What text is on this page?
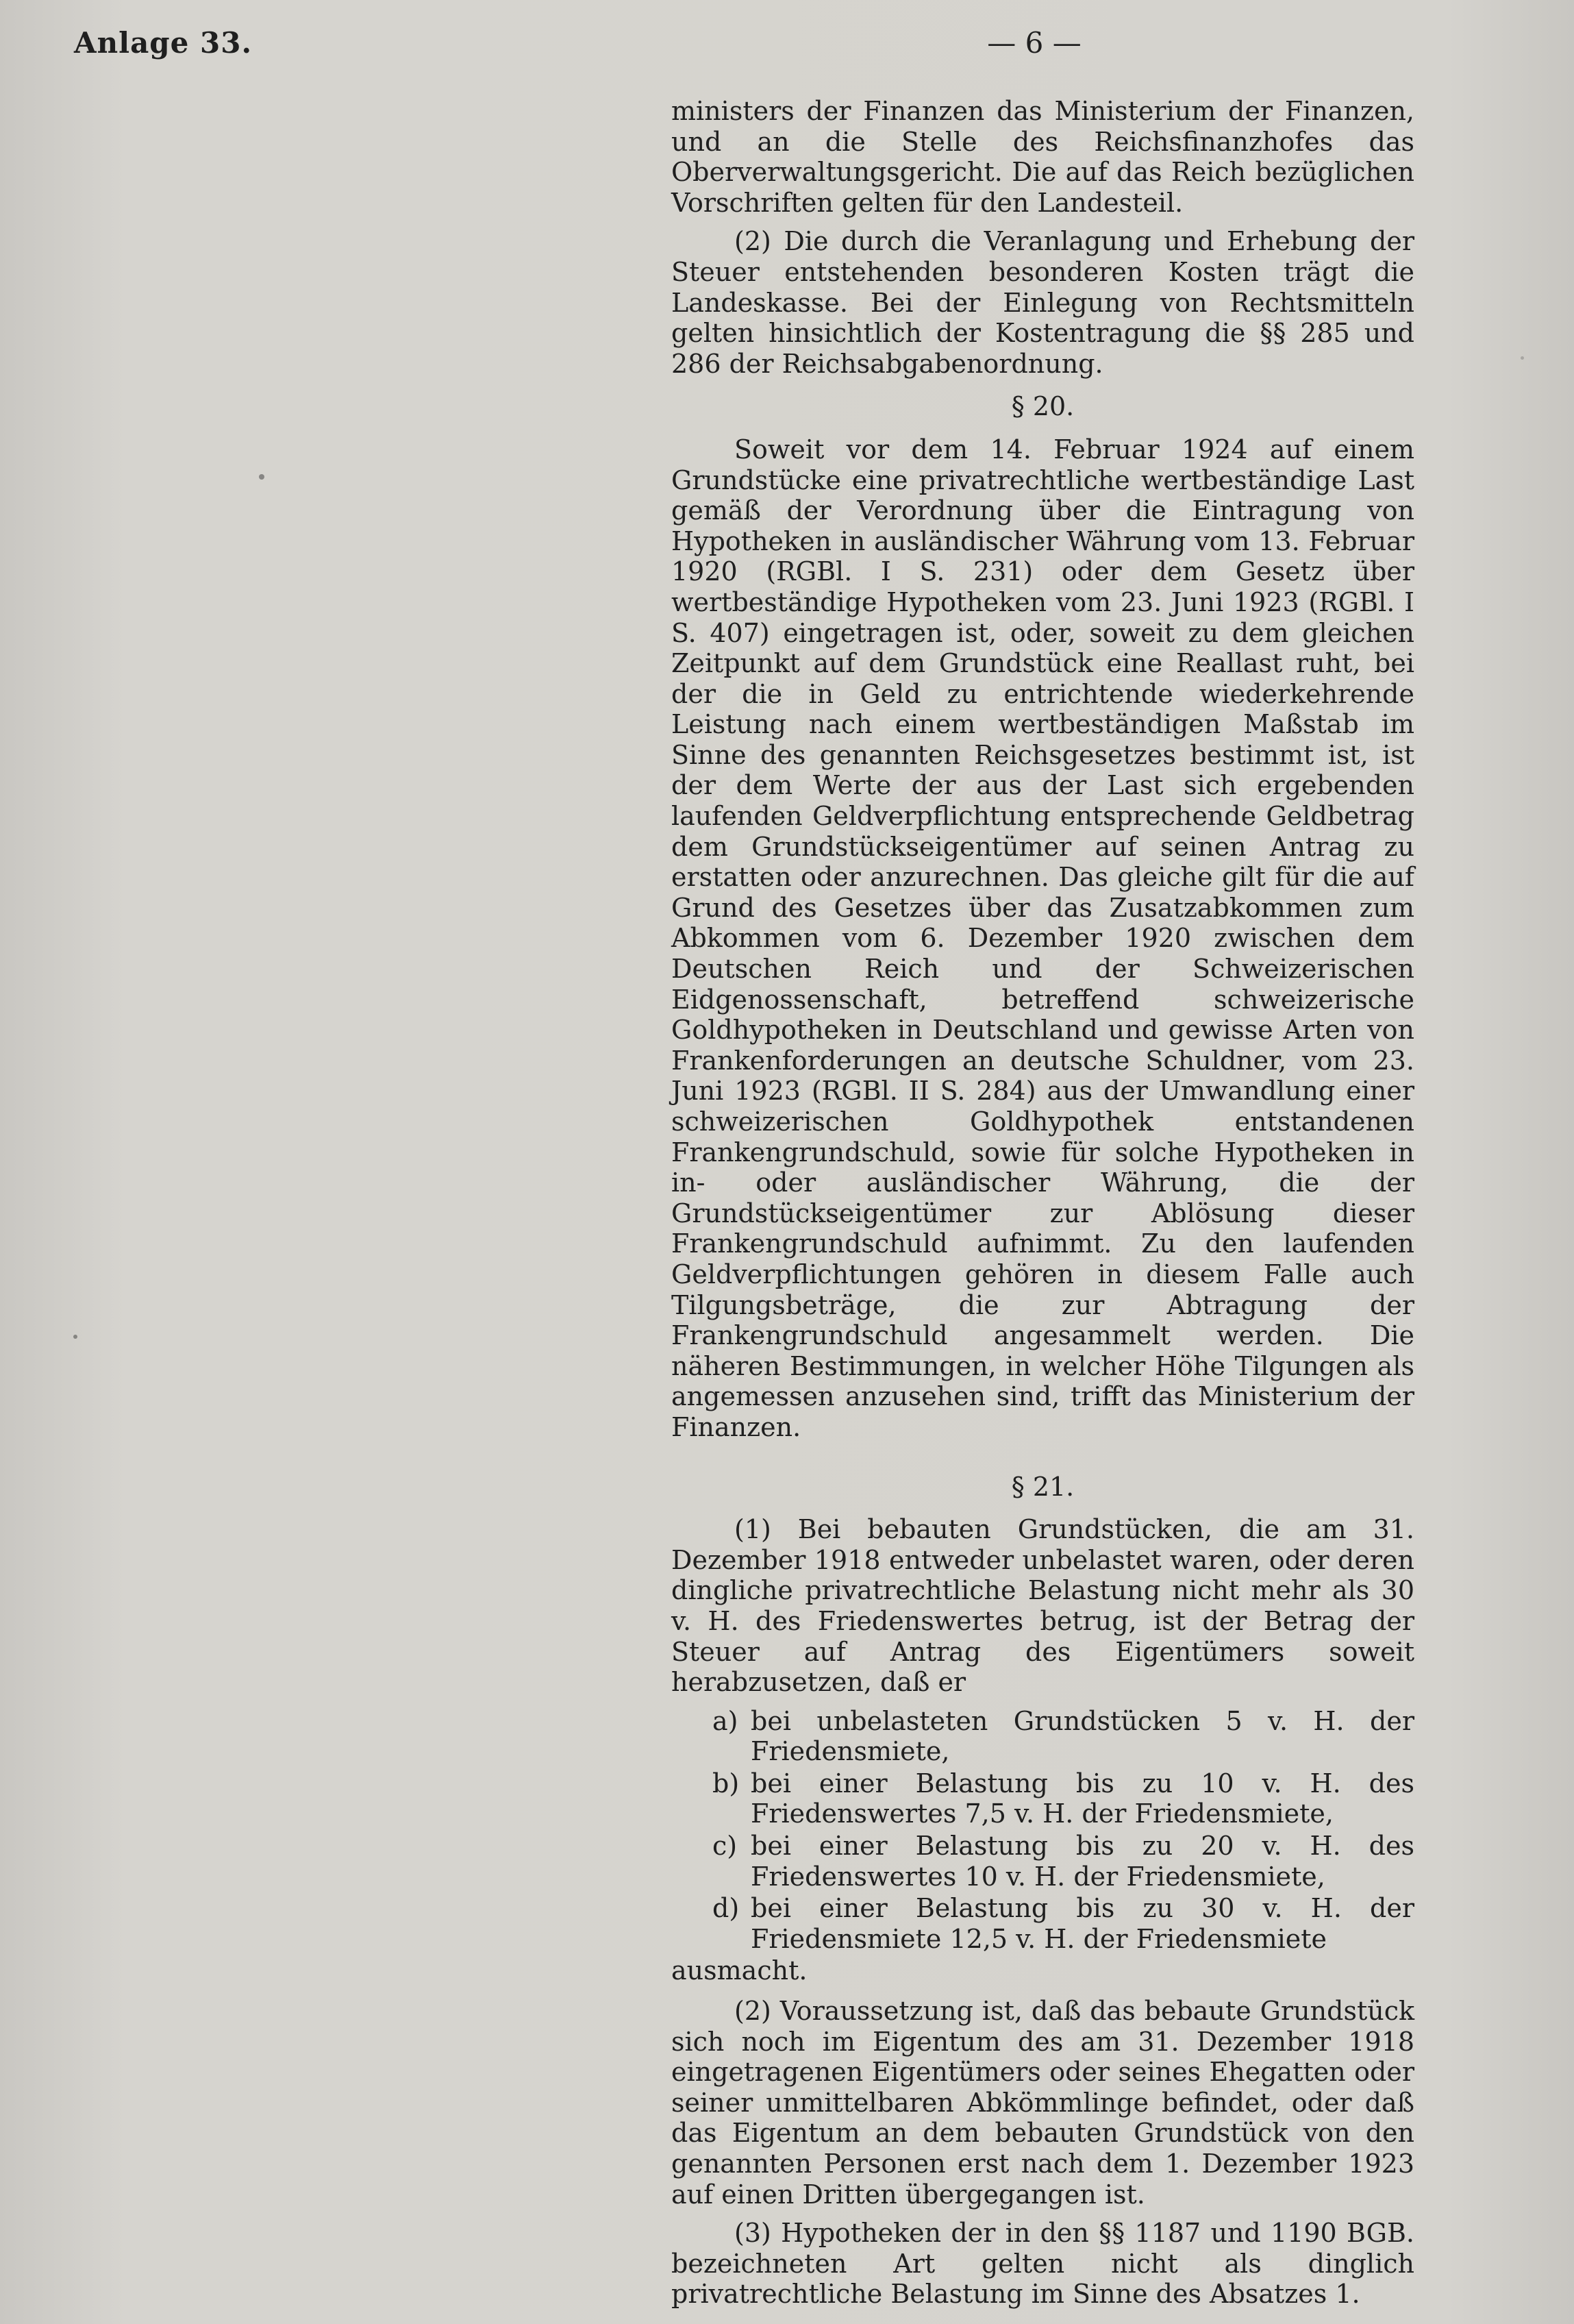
Anlage 33.	— 6 —

ministers der Finanzen das Ministerium der Finanzen, und an die Stelle des Reichsfinanzhofes das Oberverwaltungsgericht. Die auf das Reich bezüglichen Vorschriften gelten für den Landesteil.

(2) Die durch die Veranlagung und Erhebung der Steuer entstehenden besonderen Kosten trägt die Landeskasse. Bei der Einlegung von Rechtsmitteln gelten hinsichtlich der Kostentragung die §§ 285 und 286 der Reichsabgabenordnung.

§ 20.

Soweit vor dem 14. Februar 1924 auf einem Grundstücke eine privatrechtliche wertbeständige Last gemäß der Verordnung über die Eintragung von Hypotheken in ausländischer Währung vom 13. Februar 1920 (RGBl. I S. 231) oder dem Gesetz über wertbeständige Hypotheken vom 23. Juni 1923 (RGBl. I S. 407) eingetragen ist, oder, soweit zu dem gleichen Zeitpunkt auf dem Grundstück eine Reallast ruht, bei der die in Geld zu entrichtende wiederkehrende Leistung nach einem wertbeständigen Maßstab im Sinne des genannten Reichsgesetzes bestimmt ist, ist der dem Werte der aus der Last sich ergebenden laufenden Geldverpflichtung entsprechende Geldbetrag dem Grundstückseigentümer auf seinen Antrag zu erstatten oder anzurechnen. Das gleiche gilt für die auf Grund des Gesetzes über das Zusatzabkommen zum Abkommen vom 6. Dezember 1920 zwischen dem Deutschen Reich und der Schweizerischen Eidgenossenschaft, betreffend schweizerische Goldhypotheken in Deutschland und gewisse Arten von Frankenforderungen an deutsche Schuldner, vom 23. Juni 1923 (RGBl. II S. 284) aus der Umwandlung einer schweizerischen Goldhypothek entstandenen Frankengrundschuld, sowie für solche Hypotheken in in- oder ausländischer Währung, die der Grundstückseigentümer zur Ablösung dieser Frankengrundschuld aufnimmt. Zu den laufenden Geldverpflichtungen gehören in diesem Falle auch Tilgungsbeträge, die zur Abtragung der Frankengrundschuld angesammelt werden. Die näheren Bestimmungen, in welcher Höhe Tilgungen als angemessen anzusehen sind, trifft das Ministerium der Finanzen.

§ 21.

(1) Bei bebauten Grundstücken, die am 31. Dezember 1918 entweder unbelastet waren, oder deren dingliche privatrechtliche Belastung nicht mehr als 30 v. H. des Friedenswertes betrug, ist der Betrag der Steuer auf Antrag des Eigentümers soweit herabzusetzen, daß er

a) bei unbelasteten Grundstücken 5 v. H. der Friedensmiete,
b) bei einer Belastung bis zu 10 v. H. des Friedenswertes 7,5 v. H. der Friedensmiete,
c) bei einer Belastung bis zu 20 v. H. des Friedenswertes 10 v. H. der Friedensmiete,
d) bei einer Belastung bis zu 30 v. H. der Friedensmiete 12,5 v. H. der Friedensmiete

ausmacht.

(2) Voraussetzung ist, daß das bebaute Grundstück sich noch im Eigentum des am 31. Dezember 1918 eingetragenen Eigentümers oder seines Ehegatten oder seiner unmittelbaren Abkömmlinge befindet, oder daß das Eigentum an dem bebauten Grundstück von den genannten Personen erst nach dem 1. Dezember 1923 auf einen Dritten übergegangen ist.

(3) Hypotheken der in den §§ 1187 und 1190 BGB. bezeichneten Art gelten nicht als dinglich privatrechtliche Belastung im Sinne des Absatzes 1.
